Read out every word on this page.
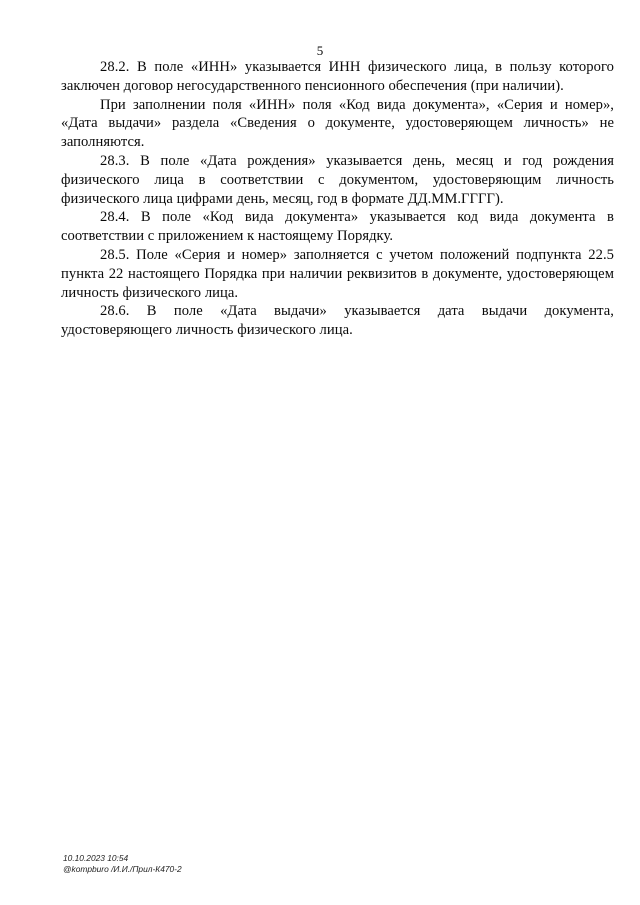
5

28.2. В поле «ИНН» указывается ИНН физического лица, в пользу которого заключен договор негосударственного пенсионного обеспечения (при наличии).

При заполнении поля «ИНН» поля «Код вида документа», «Серия и номер», «Дата выдачи» раздела «Сведения о документе, удостоверяющем личность» не заполняются.

28.3. В поле «Дата рождения» указывается день, месяц и год рождения физического лица в соответствии с документом, удостоверяющим личность физического лица цифрами день, месяц, год в формате ДД.ММ.ГГГГ).

28.4. В поле «Код вида документа» указывается код вида документа в соответствии с приложением к настоящему Порядку.

28.5. Поле «Серия и номер» заполняется с учетом положений подпункта 22.5 пункта 22 настоящего Порядка при наличии реквизитов в документе, удостоверяющем личность физического лица.

28.6. В поле «Дата выдачи» указывается дата выдачи документа, удостоверяющего личность физического лица.

10.10.2023 10:54
@kompburo /И.И./Прил-К470-2
